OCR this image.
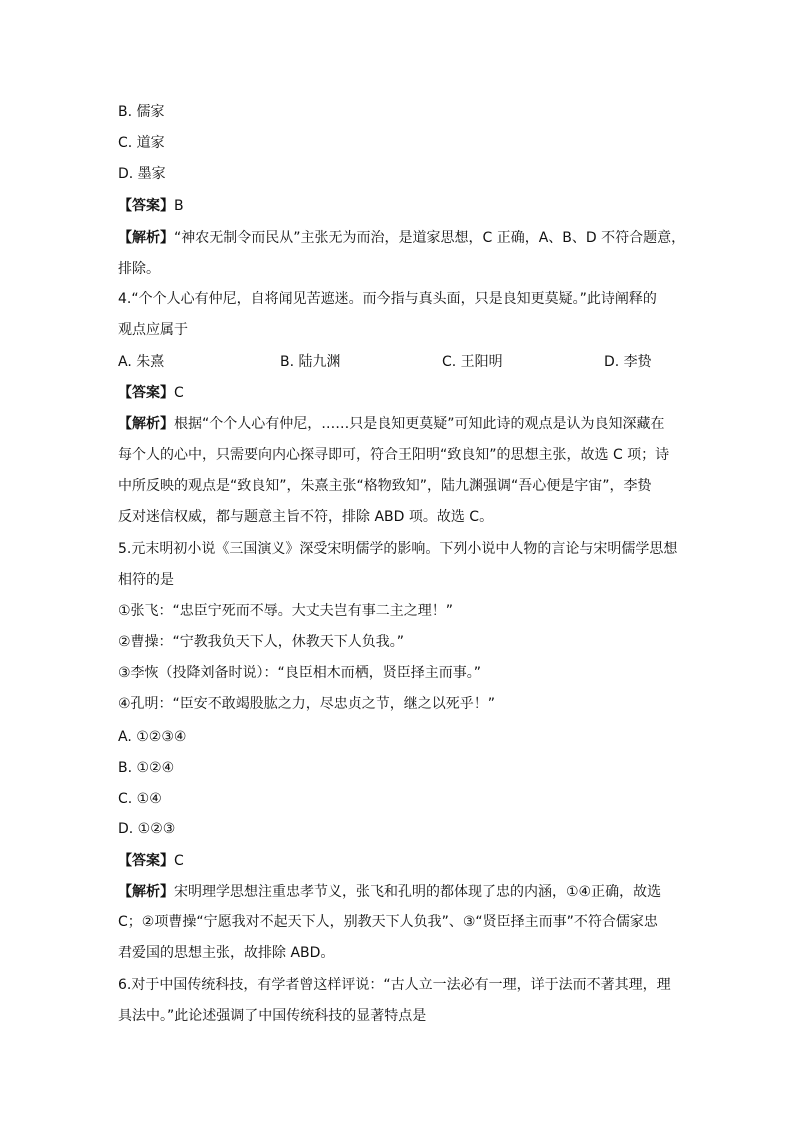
B. 儒家
C. 道家
D. 墨家
【答案】B
【解析】“神农无制令而民从”主张无为而治，是道家思想，C 正确，A、B、D 不符合题意，
排除。
4.“个个人心有仲尼，自将闻见苦遮迷。而今指与真头面，只是良知更莫疑。”此诗阐释的
观点应属于
A. 朱熹	B. 陆九渊	C. 王阳明	D. 李贽
【答案】C
【解析】根据“个个人心有仲尼，……只是良知更莫疑”可知此诗的观点是认为良知深藏在
每个人的心中，只需要向内心探寻即可，符合王阳明“致良知”的思想主张，故选 C 项；诗
中所反映的观点是“致良知”，朱熹主张“格物致知”，陆九渊强调“吾心便是宇宙”，李贽
反对迷信权威，都与题意主旨不符，排除 ABD 项。故选 C。
5.元末明初小说《三国演义》深受宋明儒学的影响。下列小说中人物的言论与宋明儒学思想
相符的是
①张飞：“忠臣宁死而不辱。大丈夫岂有事二主之理！”
②曹操：“宁教我负天下人，休教天下人负我。”
③李恢（投降刘备时说）：“良臣相木而栖，贤臣择主而事。”
④孔明：“臣安不敢竭股肱之力，尽忠贞之节，继之以死乎！”
A. ①②③④
B. ①②④
C. ①④
D. ①②③
【答案】C
【解析】宋明理学思想注重忠孝节义，张飞和孔明的都体现了忠的内涵，①④正确，故选
C；②项曹操“宁愿我对不起天下人，别教天下人负我”、③“贤臣择主而事”不符合儒家忠
君爱国的思想主张，故排除 ABD。
6.对于中国传统科技，有学者曾这样评说：“古人立一法必有一理，详于法而不著其理，理
具法中。”此论述强调了中国传统科技的显著特点是
